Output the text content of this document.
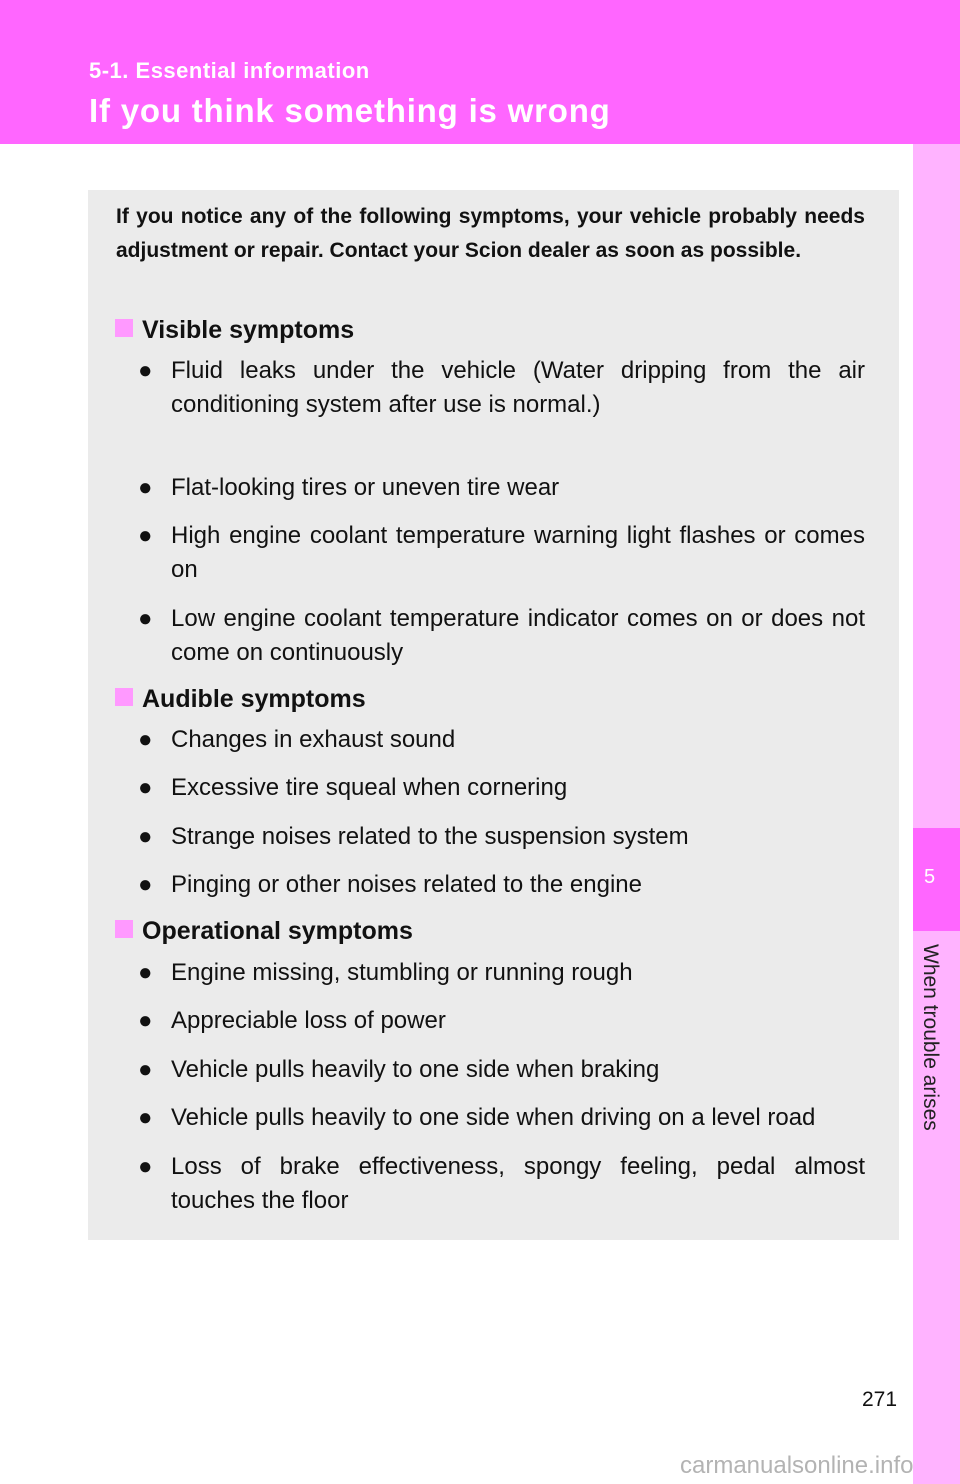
5-1. Essential information
If you think something is wrong
5
When trouble arises
If you notice any of the following symptoms, your vehicle probably needs adjustment or repair. Contact your Scion dealer as soon as possible.
Visible symptoms
● Fluid leaks under the vehicle (Water dripping from the air conditioning system after use is normal.)
● Flat-looking tires or uneven tire wear
● High engine coolant temperature warning light flashes or comes on
● Low engine coolant temperature indicator comes on or does not come on continuously
Audible symptoms
● Changes in exhaust sound
● Excessive tire squeal when cornering
● Strange noises related to the suspension system
● Pinging or other noises related to the engine
Operational symptoms
● Engine missing, stumbling or running rough
● Appreciable loss of power
● Vehicle pulls heavily to one side when braking
● Vehicle pulls heavily to one side when driving on a level road
● Loss of brake effectiveness, spongy feeling, pedal almost touches the floor
271
carmanualsonline.info
